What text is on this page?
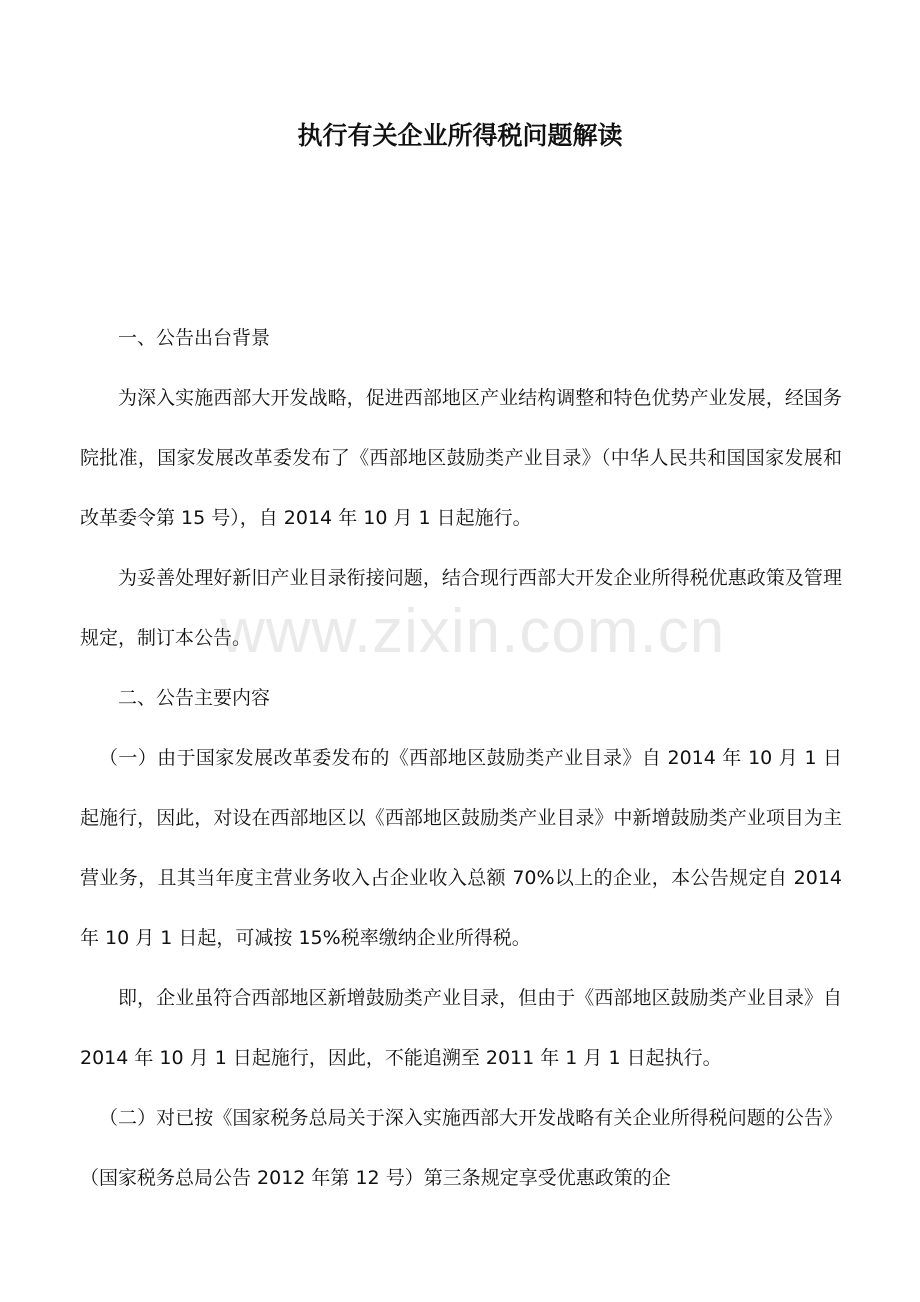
执行有关企业所得税问题解读

一、公告出台背景

为深入实施西部大开发战略，促进西部地区产业结构调整和特色优势产业发展，经国务院批准，国家发展改革委发布了《西部地区鼓励类产业目录》（中华人民共和国国家发展和改革委令第 15 号），自 2014 年 10 月 1 日起施行。

为妥善处理好新旧产业目录衔接问题，结合现行西部大开发企业所得税优惠政策及管理规定，制订本公告。

二、公告主要内容

（一）由于国家发展改革委发布的《西部地区鼓励类产业目录》自 2014 年 10 月 1 日起施行，因此，对设在西部地区以《西部地区鼓励类产业目录》中新增鼓励类产业项目为主营业务，且其当年度主营业务收入占企业收入总额 70%以上的企业，本公告规定自 2014 年 10 月 1 日起，可减按 15%税率缴纳企业所得税。

即，企业虽符合西部地区新增鼓励类产业目录，但由于《西部地区鼓励类产业目录》自 2014 年 10 月 1 日起施行，因此，不能追溯至 2011 年 1 月 1 日起执行。

（二）对已按《国家税务总局关于深入实施西部大开发战略有关企业所得税问题的公告》（国家税务总局公告 2012 年第 12 号）第三条规定享受优惠政策的企

www.zixin.com.cn
